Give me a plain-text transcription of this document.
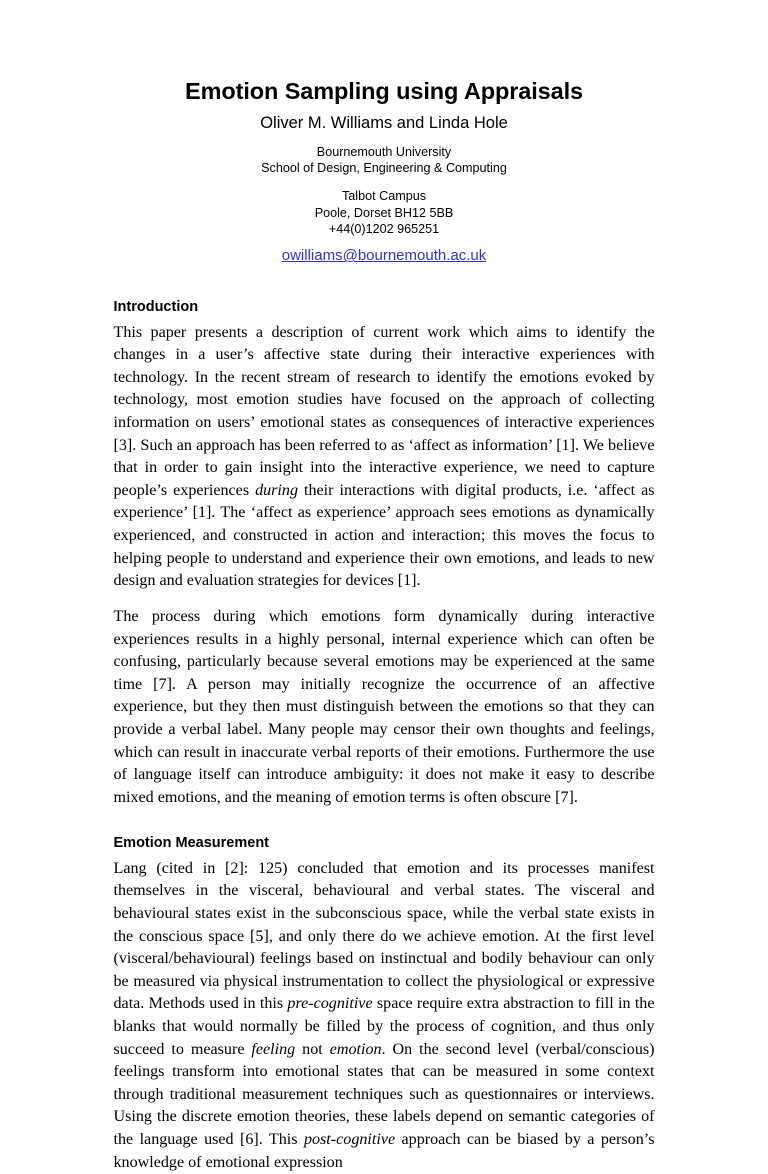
Emotion Sampling using Appraisals
Oliver M. Williams and Linda Hole
Bournemouth University
School of Design, Engineering & Computing
Talbot Campus
Poole, Dorset BH12 5BB
+44(0)1202 965251
owilliams@bournemouth.ac.uk
Introduction

This paper presents a description of current work which aims to identify the changes in a user’s affective state during their interactive experiences with technology. In the recent stream of research to identify the emotions evoked by technology, most emotion studies have focused on the approach of collecting information on users’ emotional states as consequences of interactive experiences [3]. Such an approach has been referred to as ‘affect as information’ [1]. We believe that in order to gain insight into the interactive experience, we need to capture people’s experiences during their interactions with digital products, i.e. ‘affect as experience’ [1]. The ‘affect as experience’ approach sees emotions as dynamically experienced, and constructed in action and interaction; this moves the focus to helping people to understand and experience their own emotions, and leads to new design and evaluation strategies for devices [1].

The process during which emotions form dynamically during interactive experiences results in a highly personal, internal experience which can often be confusing, particularly because several emotions may be experienced at the same time [7]. A person may initially recognize the occurrence of an affective experience, but they then must distinguish between the emotions so that they can provide a verbal label. Many people may censor their own thoughts and feelings, which can result in inaccurate verbal reports of their emotions. Furthermore the use of language itself can introduce ambiguity: it does not make it easy to describe mixed emotions, and the meaning of emotion terms is often obscure [7].

Emotion Measurement

Lang (cited in [2]: 125) concluded that emotion and its processes manifest themselves in the visceral, behavioural and verbal states. The visceral and behavioural states exist in the subconscious space, while the verbal state exists in the conscious space [5], and only there do we achieve emotion. At the first level (visceral/behavioural) feelings based on instinctual and bodily behaviour can only be measured via physical instrumentation to collect the physiological or expressive data. Methods used in this pre-cognitive space require extra abstraction to fill in the blanks that would normally be filled by the process of cognition, and thus only succeed to measure feeling not emotion. On the second level (verbal/conscious) feelings transform into emotional states that can be measured in some context through traditional measurement techniques such as questionnaires or interviews. Using the discrete emotion theories, these labels depend on semantic categories of the language used [6]. This post-cognitive approach can be biased by a person’s knowledge of emotional expression
